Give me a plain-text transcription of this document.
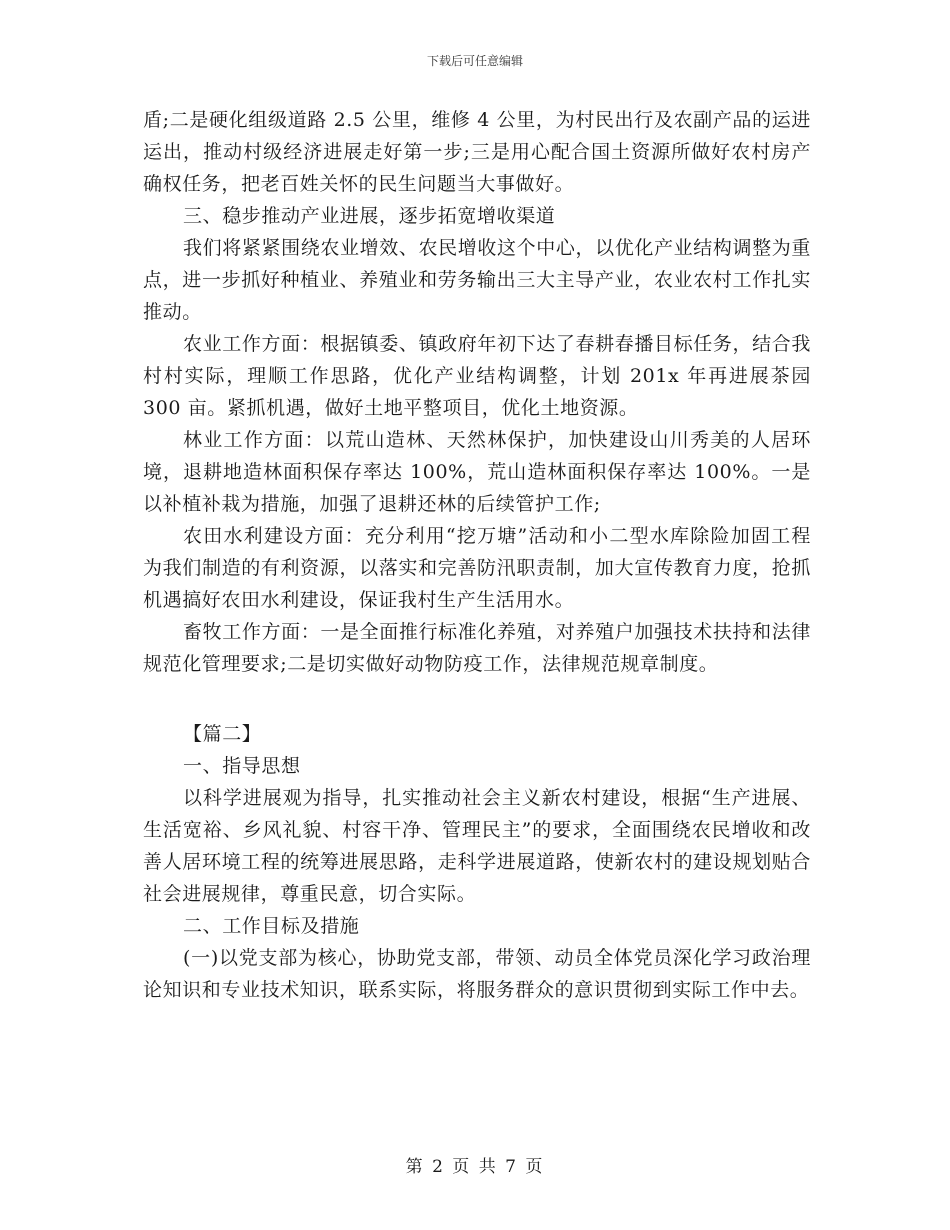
下载后可任意编辑

盾;二是硬化组级道路 2.5 公里，维修 4 公里，为村民出行及农副产品的运进运出，推动村级经济进展走好第一步;三是用心配合国土资源所做好农村房产确权任务，把老百姓关怀的民生问题当大事做好。

三、稳步推动产业进展，逐步拓宽增收渠道

我们将紧紧围绕农业增效、农民增收这个中心，以优化产业结构调整为重点，进一步抓好种植业、养殖业和劳务输出三大主导产业，农业农村工作扎实推动。

农业工作方面：根据镇委、镇政府年初下达了春耕春播目标任务，结合我村村实际，理顺工作思路，优化产业结构调整，计划 201x 年再进展茶园 300 亩。紧抓机遇，做好土地平整项目，优化土地资源。

林业工作方面：以荒山造林、天然林保护，加快建设山川秀美的人居环境，退耕地造林面积保存率达 100%，荒山造林面积保存率达 100%。一是以补植补栽为措施，加强了退耕还林的后续管护工作;

农田水利建设方面：充分利用“挖万塘”活动和小二型水库除险加固工程为我们制造的有利资源，以落实和完善防汛职责制，加大宣传教育力度，抢抓机遇搞好农田水利建设，保证我村生产生活用水。

畜牧工作方面：一是全面推行标准化养殖，对养殖户加强技术扶持和法律规范化管理要求;二是切实做好动物防疫工作，法律规范规章制度。

【篇二】

一、指导思想

以科学进展观为指导，扎实推动社会主义新农村建设，根据“生产进展、生活宽裕、乡风礼貌、村容干净、管理民主”的要求，全面围绕农民增收和改善人居环境工程的统筹进展思路，走科学进展道路，使新农村的建设规划贴合社会进展规律，尊重民意，切合实际。

二、工作目标及措施

(一)以党支部为核心，协助党支部，带领、动员全体党员深化学习政治理论知识和专业技术知识，联系实际，将服务群众的意识贯彻到实际工作中去。

第 2 页 共 7 页
